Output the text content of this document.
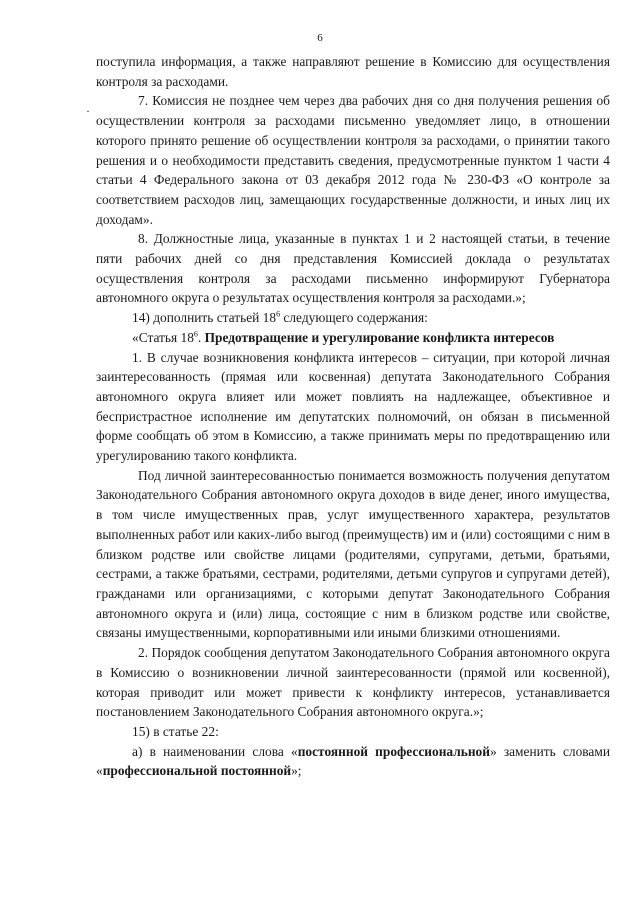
6
·

поступила информация, а также направляют решение в Комиссию для осуществления контроля за расходами.

7. Комиссия не позднее чем через два рабочих дня со дня получения решения об осуществлении контроля за расходами письменно уведомляет лицо, в отношении которого принято решение об осуществлении контроля за расходами, о принятии такого решения и о необходимости представить сведения, предусмотренные пунктом 1 части 4 статьи 4 Федерального закона от 03 декабря 2012 года № 230-ФЗ «О контроле за соответствием расходов лиц, замещающих государственные должности, и иных лиц их доходам».

8. Должностные лица, указанные в пунктах 1 и 2 настоящей статьи, в течение пяти рабочих дней со дня представления Комиссией доклада о результатах осуществления контроля за расходами письменно информируют Губернатора автономного округа о результатах осуществления контроля за расходами.»;

14) дополнить статьей $18^6$ следующего содержания:

«Статья $18^6$. Предотвращение и урегулирование конфликта интересов

1. В случае возникновения конфликта интересов – ситуации, при которой личная заинтересованность (прямая или косвенная) депутата Законодательного Собрания автономного округа влияет или может повлиять на надлежащее, объективное и беспристрастное исполнение им депутатских полномочий, он обязан в письменной форме сообщать об этом в Комиссию, а также принимать меры по предотвращению или урегулированию такого конфликта.

Под личной заинтересованностью понимается возможность получения депутатом Законодательного Собрания автономного округа доходов в виде денег, иного имущества, в том числе имущественных прав, услуг имущественного характера, результатов выполненных работ или каких-либо выгод (преимуществ) им и (или) состоящими с ним в близком родстве или свойстве лицами (родителями, супругами, детьми, братьями, сестрами, а также братьями, сестрами, родителями, детьми супругов и супругами детей), гражданами или организациями, с которыми депутат Законодательного Собрания автономного округа и (или) лица, состоящие с ним в близком родстве или свойстве, связаны имущественными, корпоративными или иными близкими отношениями.

2. Порядок сообщения депутатом Законодательного Собрания автономного округа в Комиссию о возникновении личной заинтересованности (прямой или косвенной), которая приводит или может привести к конфликту интересов, устанавливается постановлением Законодательного Собрания автономного округа.»;

15) в статье 22:

а) в наименовании слова «постоянной профессиональной» заменить словами «профессиональной постоянной»;
